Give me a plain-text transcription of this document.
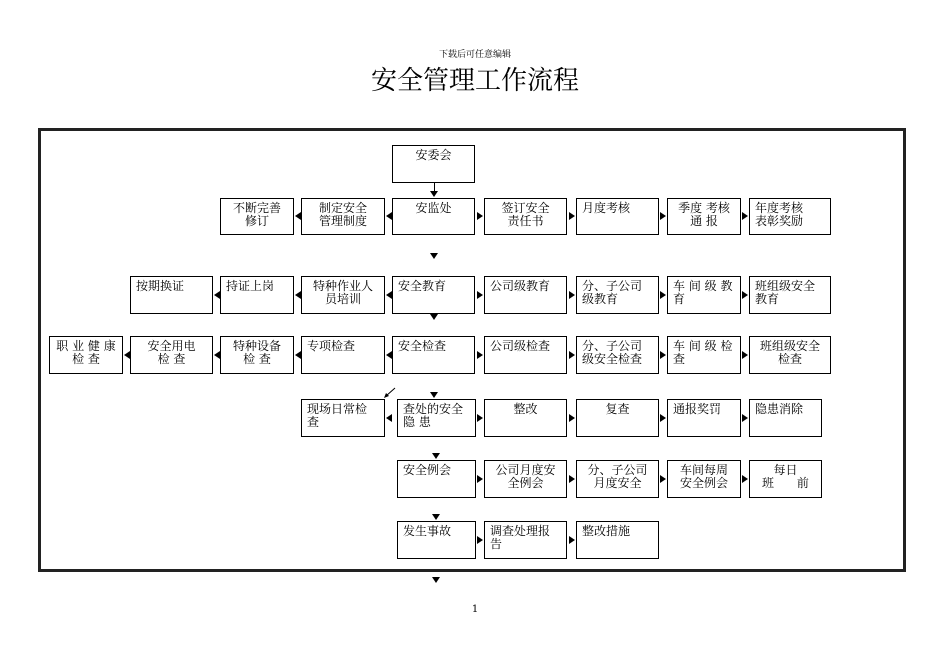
下载后可任意编辑
安全管理工作流程
安委会
不断完善
修订
制定安全
管理制度
安监处	签订安全
责任书
月度考核	季度 考核
通 报
年度考核
表彰奖励
按期换证	持证上岗	特种作业人
员培训
安全教育	公司级教育	分、子公司
级教育
车 间 级 教
育
班组级安全
教育
职 业 健 康
检 查
安全用电
检 查
特种设备
检 查
专项检查	安全检查	公司级检查	分、子公司
级安全检查
车 间 级 检
查
班组级安全
检查
现场日常检
查
查处的安全
隐 患
整改	复查	通报奖罚	隐患消除
安全例会	公司月度安
全例会
分、子公司
月度安全
车间每周
安全例会
每日
班      前
发生事故	调查处理报
告
整改措施
1
